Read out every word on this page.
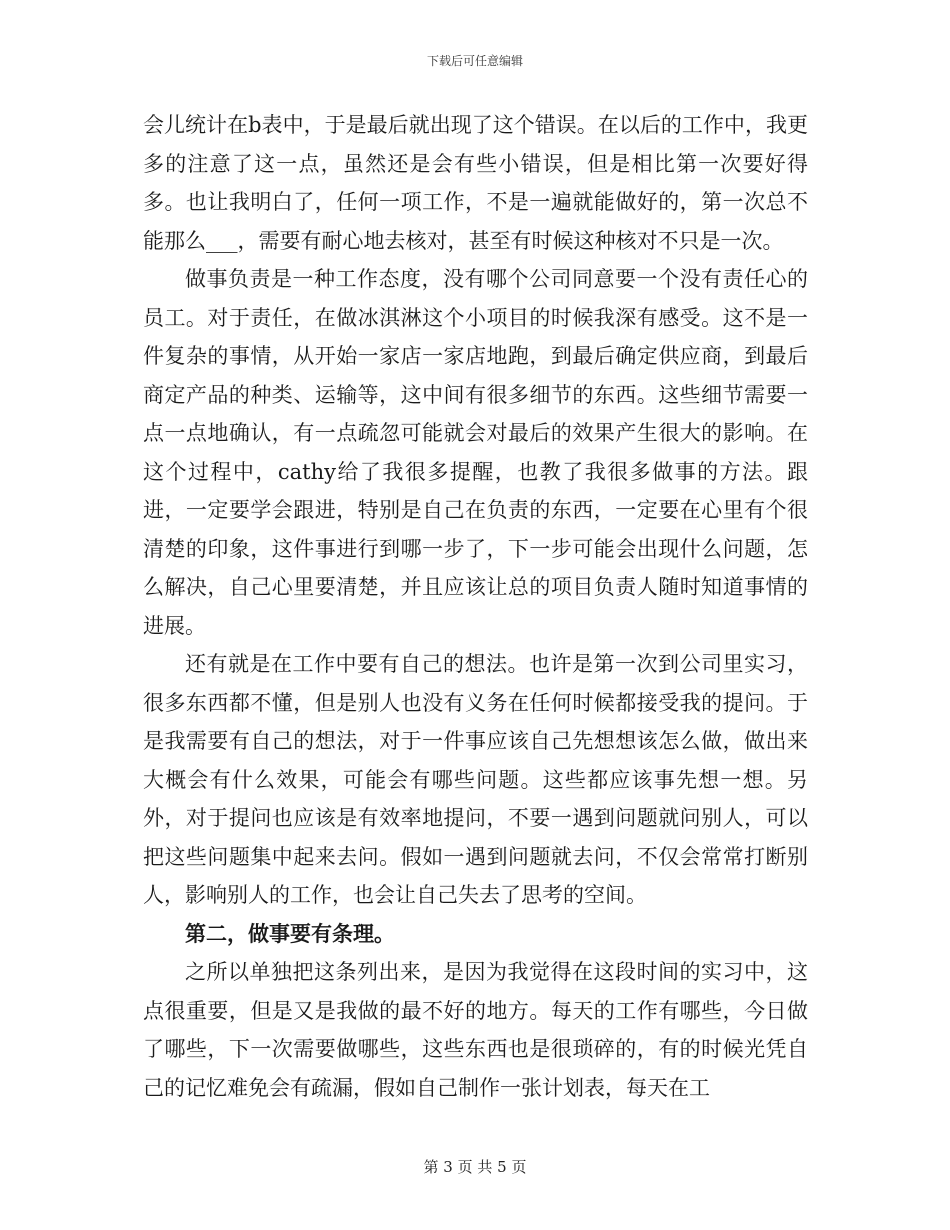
下载后可任意编辑

会儿统计在b表中，于是最后就出现了这个错误。在以后的工作中，我更多的注意了这一点，虽然还是会有些小错误，但是相比第一次要好得多。也让我明白了，任何一项工作，不是一遍就能做好的，第一次总不能那么___，需要有耐心地去核对，甚至有时候这种核对不只是一次。

做事负责是一种工作态度，没有哪个公司同意要一个没有责任心的员工。对于责任，在做冰淇淋这个小项目的时候我深有感受。这不是一件复杂的事情，从开始一家店一家店地跑，到最后确定供应商，到最后商定产品的种类、运输等，这中间有很多细节的东西。这些细节需要一点一点地确认，有一点疏忽可能就会对最后的效果产生很大的影响。在这个过程中，cathy给了我很多提醒，也教了我很多做事的方法。跟进，一定要学会跟进，特别是自己在负责的东西，一定要在心里有个很清楚的印象，这件事进行到哪一步了，下一步可能会出现什么问题，怎么解决，自己心里要清楚，并且应该让总的项目负责人随时知道事情的进展。

还有就是在工作中要有自己的想法。也许是第一次到公司里实习，很多东西都不懂，但是别人也没有义务在任何时候都接受我的提问。于是我需要有自己的想法，对于一件事应该自己先想想该怎么做，做出来大概会有什么效果，可能会有哪些问题。这些都应该事先想一想。另外，对于提问也应该是有效率地提问，不要一遇到问题就问别人，可以把这些问题集中起来去问。假如一遇到问题就去问，不仅会常常打断别人，影响别人的工作，也会让自己失去了思考的空间。

第二，做事要有条理。

之所以单独把这条列出来，是因为我觉得在这段时间的实习中，这点很重要，但是又是我做的最不好的地方。每天的工作有哪些，今日做了哪些，下一次需要做哪些，这些东西也是很琐碎的，有的时候光凭自己的记忆难免会有疏漏，假如自己制作一张计划表，每天在工

第 3 页 共 5 页
